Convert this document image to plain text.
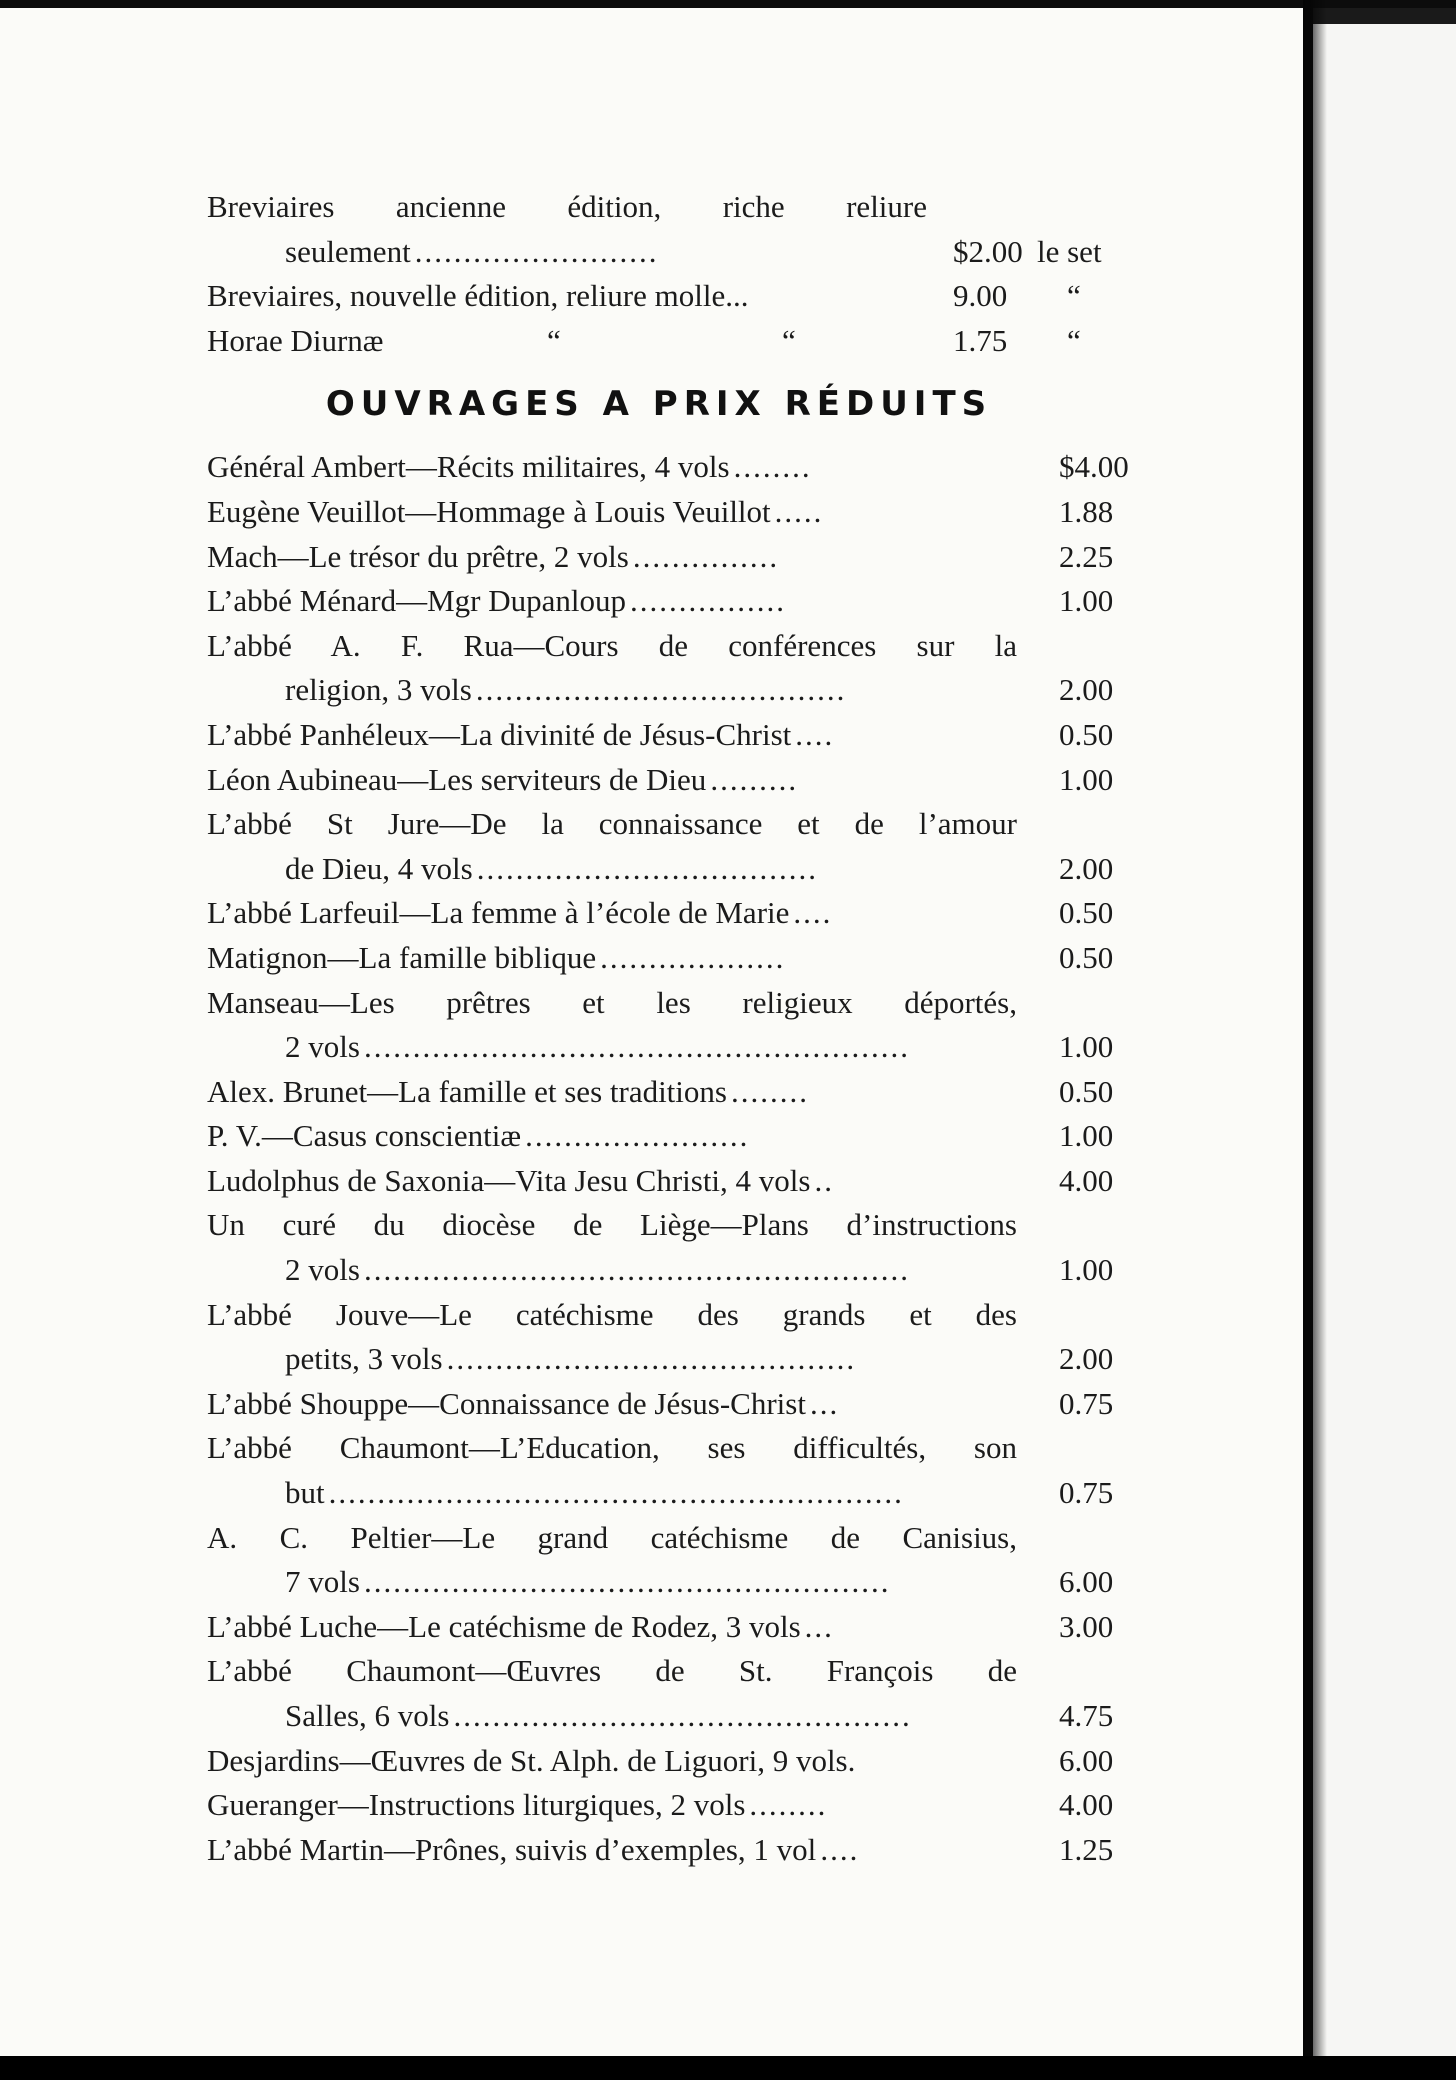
Breviaires ancienne édition, riche reliure
seulement .........................	$2.00 le set
Breviaires, nouvelle édition, reliure molle...	9.00 “
Horae Diurnæ	“	“	1.75 “
OUVRAGES A PRIX RÉDUITS
Général Ambert—Récits militaires, 4 vols ........	$4.00
Eugène Veuillot—Hommage à Louis Veuillot .....	1.88
Mach—Le trésor du prêtre, 2 vols ...............	2.25
L’abbé Ménard—Mgr Dupanloup ................	1.00
L’abbé A. F. Rua—Cours de conférences sur la
religion, 3 vols ......................................	2.00
L’abbé Panhéleux—La divinité de Jésus-Christ ....	0.50
Léon Aubineau—Les serviteurs de Dieu .........	1.00
L’abbé St Jure—De la connaissance et de l’amour
de Dieu, 4 vols ...................................	2.00
L’abbé Larfeuil—La femme à l’école de Marie ....	0.50
Matignon—La famille biblique ...................	0.50
Manseau—Les prêtres et les religieux déportés,
2 vols ........................................................	1.00
Alex. Brunet—La famille et ses traditions ........	0.50
P. V.—Casus conscientiæ .......................	1.00
Ludolphus de Saxonia—Vita Jesu Christi, 4 vols ..	4.00
Un curé du diocèse de Liège—Plans d’instructions
2 vols ........................................................	1.00
L’abbé Jouve—Le catéchisme des grands et des
petits, 3 vols ..........................................	2.00
L’abbé Shouppe—Connaissance de Jésus-Christ ...	0.75
L’abbé Chaumont—L’Education, ses difficultés, son
but ...........................................................	0.75
A. C. Peltier—Le grand catéchisme de Canisius,
7 vols ......................................................	6.00
L’abbé Luche—Le catéchisme de Rodez, 3 vols ...	3.00
L’abbé Chaumont—Œuvres de St. François de
Salles, 6 vols ...............................................	4.75
Desjardins—Œuvres de St. Alph. de Liguori, 9 vols.	6.00
Gueranger—Instructions liturgiques, 2 vols ........	4.00
L’abbé Martin—Prônes, suivis d’exemples, 1 vol ....	1.25
